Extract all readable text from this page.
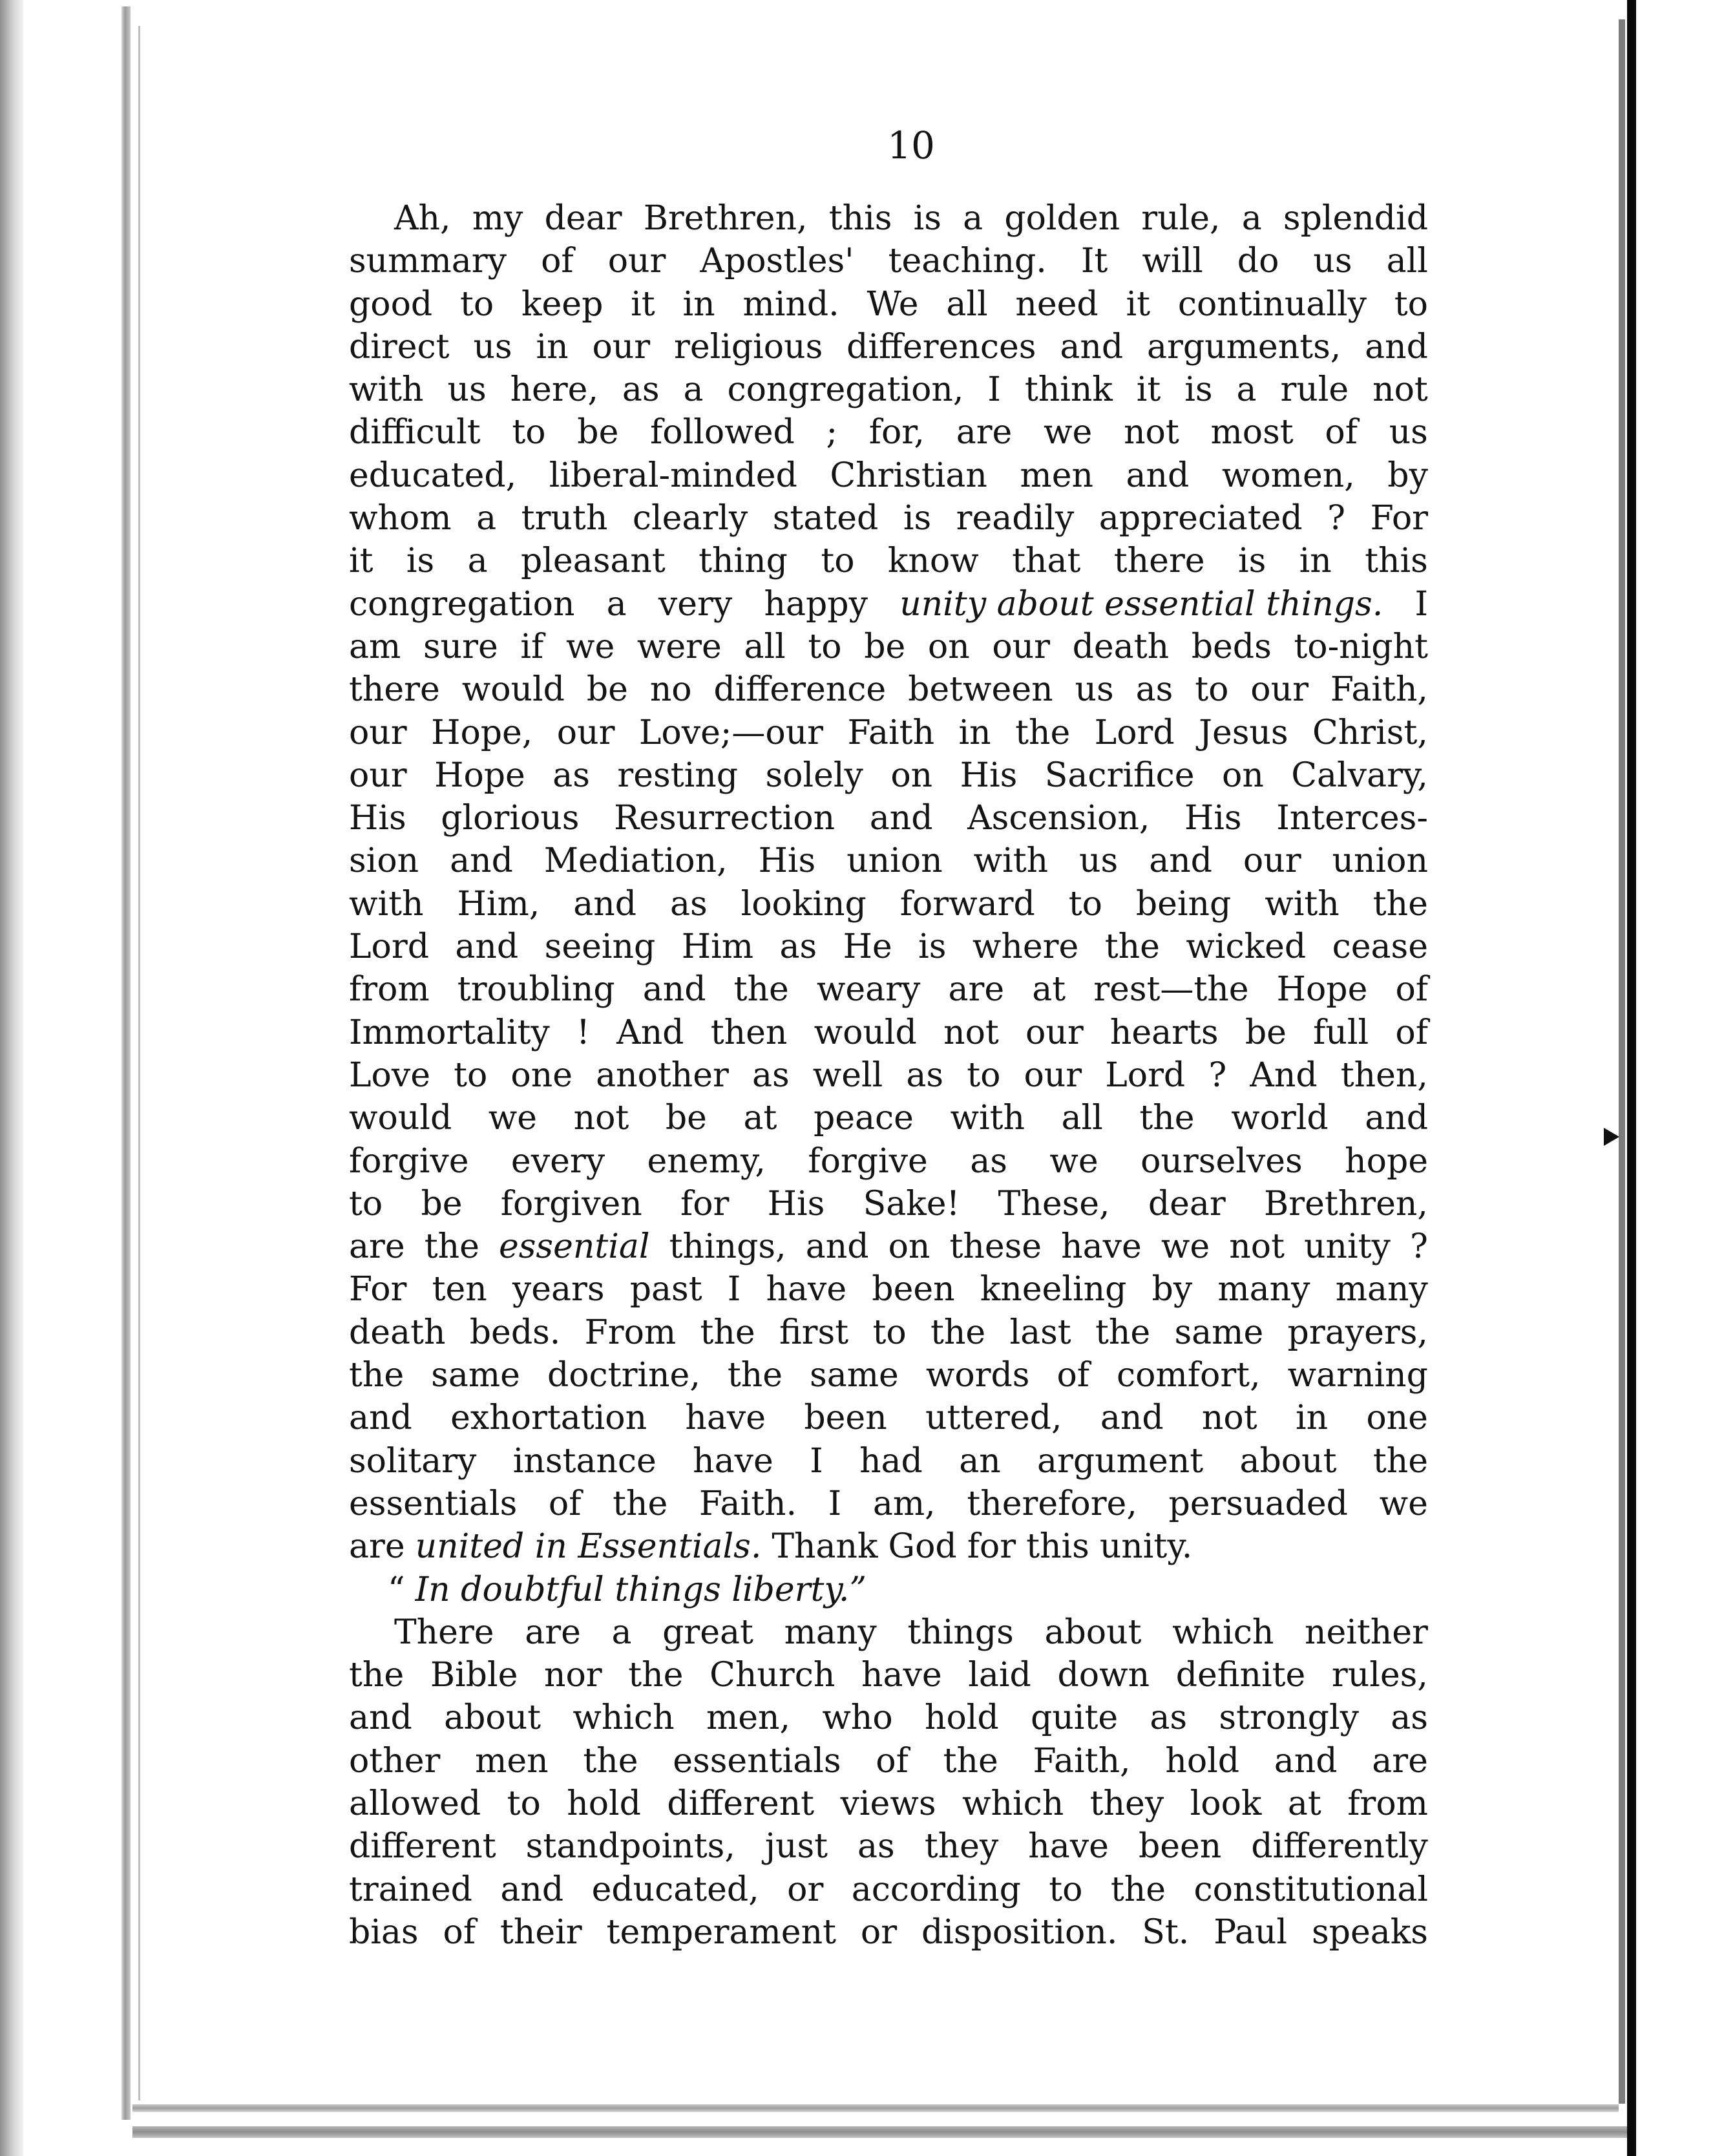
10
Ah, my dear Brethren, this is a golden rule, a splendid
summary of our Apostles' teaching. It will do us all
good to keep it in mind. We all need it continually to
direct us in our religious differences and arguments, and
with us here, as a congregation, I think it is a rule not
difficult to be followed ; for, are we not most of us
educated, liberal-minded Christian men and women, by
whom a truth clearly stated is readily appreciated ? For
it is a pleasant thing to know that there is in this
congregation a very happy unity about essential things. I
am sure if we were all to be on our death beds to-night
there would be no difference between us as to our Faith,
our Hope, our Love;—our Faith in the Lord Jesus Christ,
our Hope as resting solely on His Sacrifice on Calvary,
His glorious Resurrection and Ascension, His Interces-
sion and Mediation, His union with us and our union
with Him, and as looking forward to being with the
Lord and seeing Him as He is where the wicked cease
from troubling and the weary are at rest—the Hope of
Immortality ! And then would not our hearts be full of
Love to one another as well as to our Lord ? And then,
would we not be at peace with all the world and
forgive every enemy, forgive as we ourselves hope
to be forgiven for His Sake! These, dear Brethren,
are the essential things, and on these have we not unity ?
For ten years past I have been kneeling by many many
death beds. From the first to the last the same prayers,
the same doctrine, the same words of comfort, warning
and exhortation have been uttered, and not in one
solitary instance have I had an argument about the
essentials of the Faith. I am, therefore, persuaded we
are united in Essentials. Thank God for this unity.
“ In doubtful things liberty.”
There are a great many things about which neither
the Bible nor the Church have laid down definite rules,
and about which men, who hold quite as strongly as
other men the essentials of the Faith, hold and are
allowed to hold different views which they look at from
different standpoints, just as they have been differently
trained and educated, or according to the constitutional
bias of their temperament or disposition. St. Paul speaks
